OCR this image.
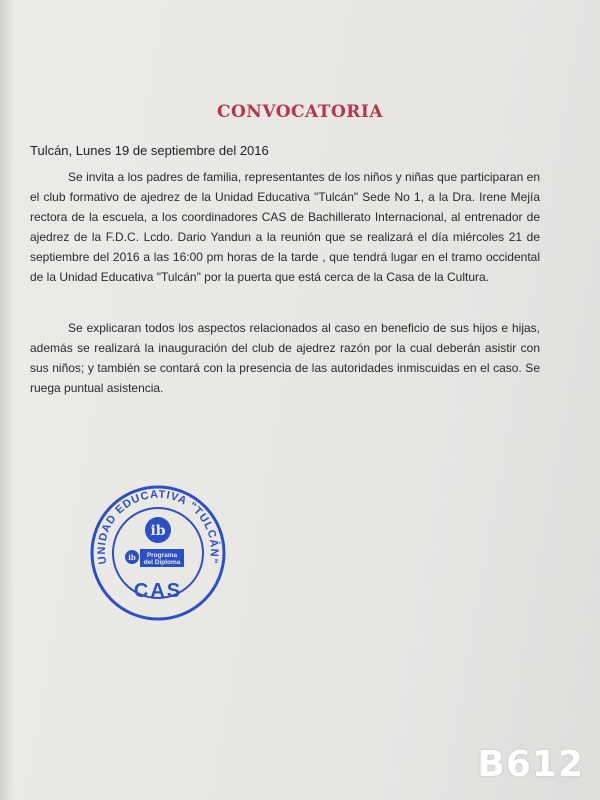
CONVOCATORIA
Tulcán, Lunes 19 de septiembre del 2016

Se invita a los padres de familia, representantes de los niños y niñas que participaran en el club formativo de ajedrez de la Unidad Educativa "Tulcán" Sede No 1, a la Dra. Irene Mejía rectora de la escuela, a los coordinadores CAS de Bachillerato Internacional, al entrenador de ajedrez de la F.D.C. Lcdo. Dario Yandun a la reunión que se realizará el día miércoles 21 de septiembre del 2016 a las 16:00 pm horas de la tarde , que tendrá lugar en el tramo occidental de la Unidad Educativa "Tulcán" por la puerta que está cerca de la Casa de la Cultura.

Se explicaran todos los aspectos relacionados al caso en beneficio de sus hijos e hijas, además se realizará la inauguración del club de ajedrez razón por la cual deberán asistir con sus niños; y también se contará con la presencia de las autoridades inmiscuidas en el caso. Se ruega puntual asistencia.

UNIDAD EDUCATIVA "TULCÁN"
ib
ib Programa
del Diploma
CAS
B612
